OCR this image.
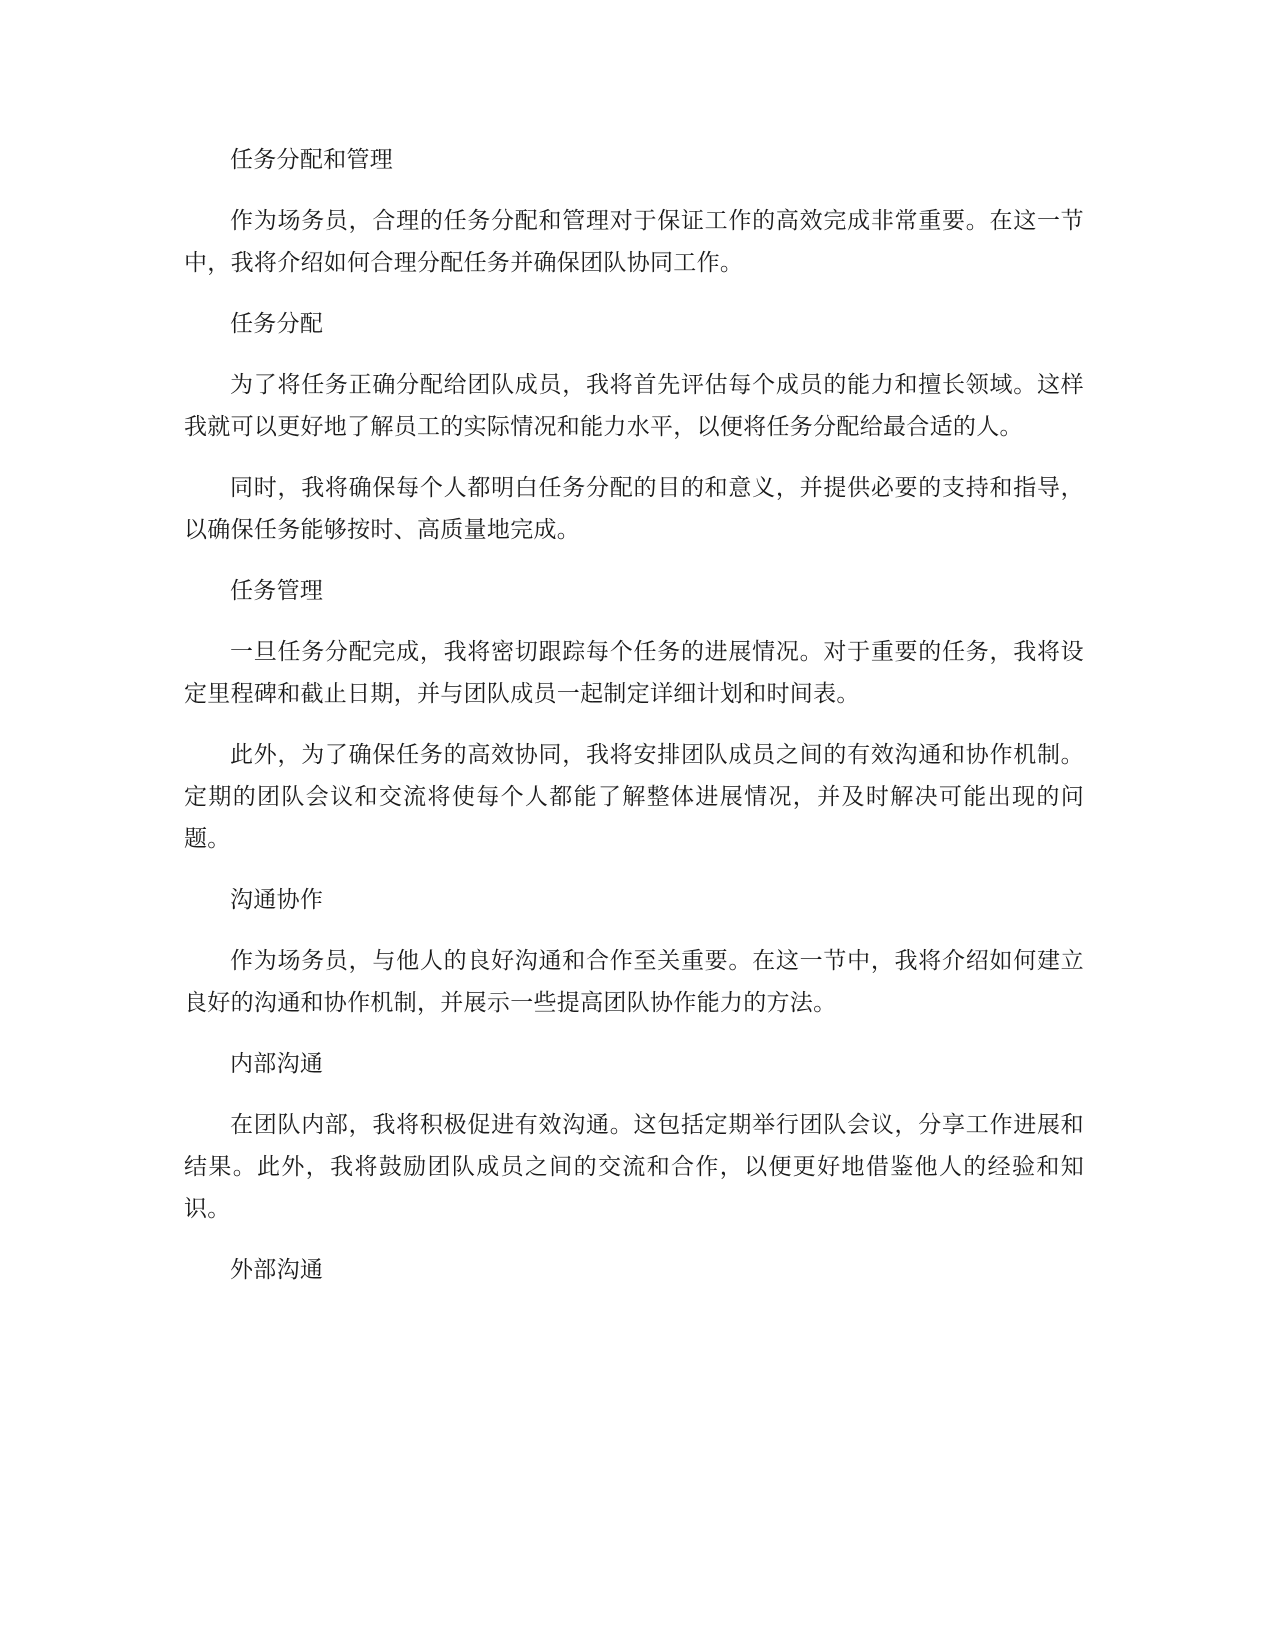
任务分配和管理

作为场务员，合理的任务分配和管理对于保证工作的高效完成非常重要。在这一节中，我将介绍如何合理分配任务并确保团队协同工作。

任务分配

为了将任务正确分配给团队成员，我将首先评估每个成员的能力和擅长领域。这样我就可以更好地了解员工的实际情况和能力水平，以便将任务分配给最合适的人。

同时，我将确保每个人都明白任务分配的目的和意义，并提供必要的支持和指导，以确保任务能够按时、高质量地完成。

任务管理

一旦任务分配完成，我将密切跟踪每个任务的进展情况。对于重要的任务，我将设定里程碑和截止日期，并与团队成员一起制定详细计划和时间表。

此外，为了确保任务的高效协同，我将安排团队成员之间的有效沟通和协作机制。定期的团队会议和交流将使每个人都能了解整体进展情况，并及时解决可能出现的问题。

沟通协作

作为场务员，与他人的良好沟通和合作至关重要。在这一节中，我将介绍如何建立良好的沟通和协作机制，并展示一些提高团队协作能力的方法。

内部沟通

在团队内部，我将积极促进有效沟通。这包括定期举行团队会议，分享工作进展和结果。此外，我将鼓励团队成员之间的交流和合作，以便更好地借鉴他人的经验和知识。

外部沟通
